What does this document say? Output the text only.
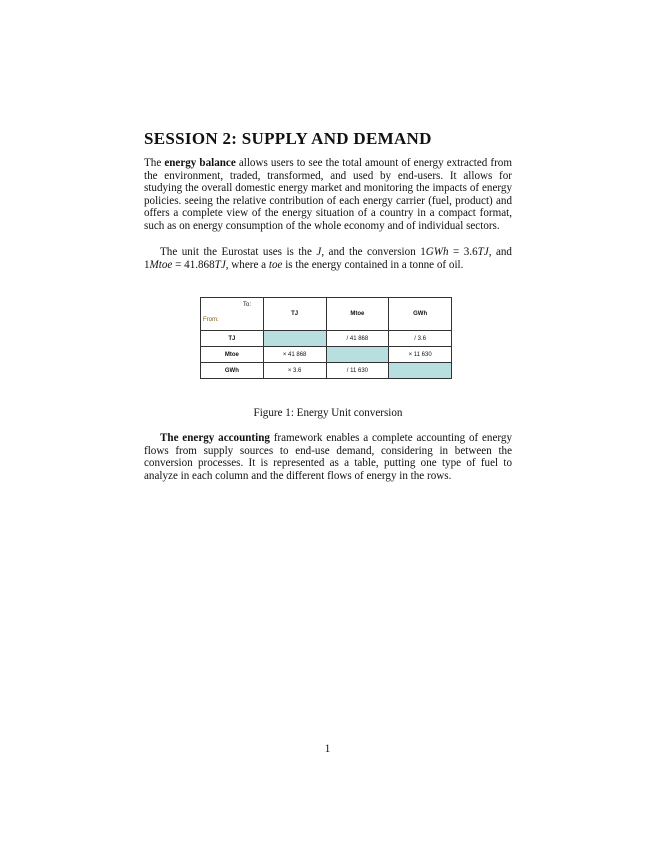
SESSION 2: SUPPLY AND DEMAND

The energy balance allows users to see the total amount of energy extracted from the environment, traded, transformed, and used by end-users. It allows for studying the overall domestic energy market and monitoring the impacts of energy policies. seeing the relative contribution of each energy carrier (fuel, product) and offers a complete view of the energy situation of a country in a compact format, such as on energy consumption of the whole economy and of individual sectors.

The unit the Eurostat uses is the J, and the conversion 1GWh = 3.6TJ, and 1Mtoe = 41.868TJ, where a toe is the energy contained in a tonne of oil.

Figure 1: Energy Unit conversion

The energy accounting framework enables a complete accounting of energy flows from supply sources to end-use demand, considering in between the conversion processes. It is represented as a table, putting one type of fuel to analyze in each column and the different flows of energy in the rows.

To:
From:	TJ	Mtoe	GWh
TJ		/ 41 868	/ 3.6
Mtoe	× 41 868		× 11 630
GWh	× 3.6	/ 11 630	
1
